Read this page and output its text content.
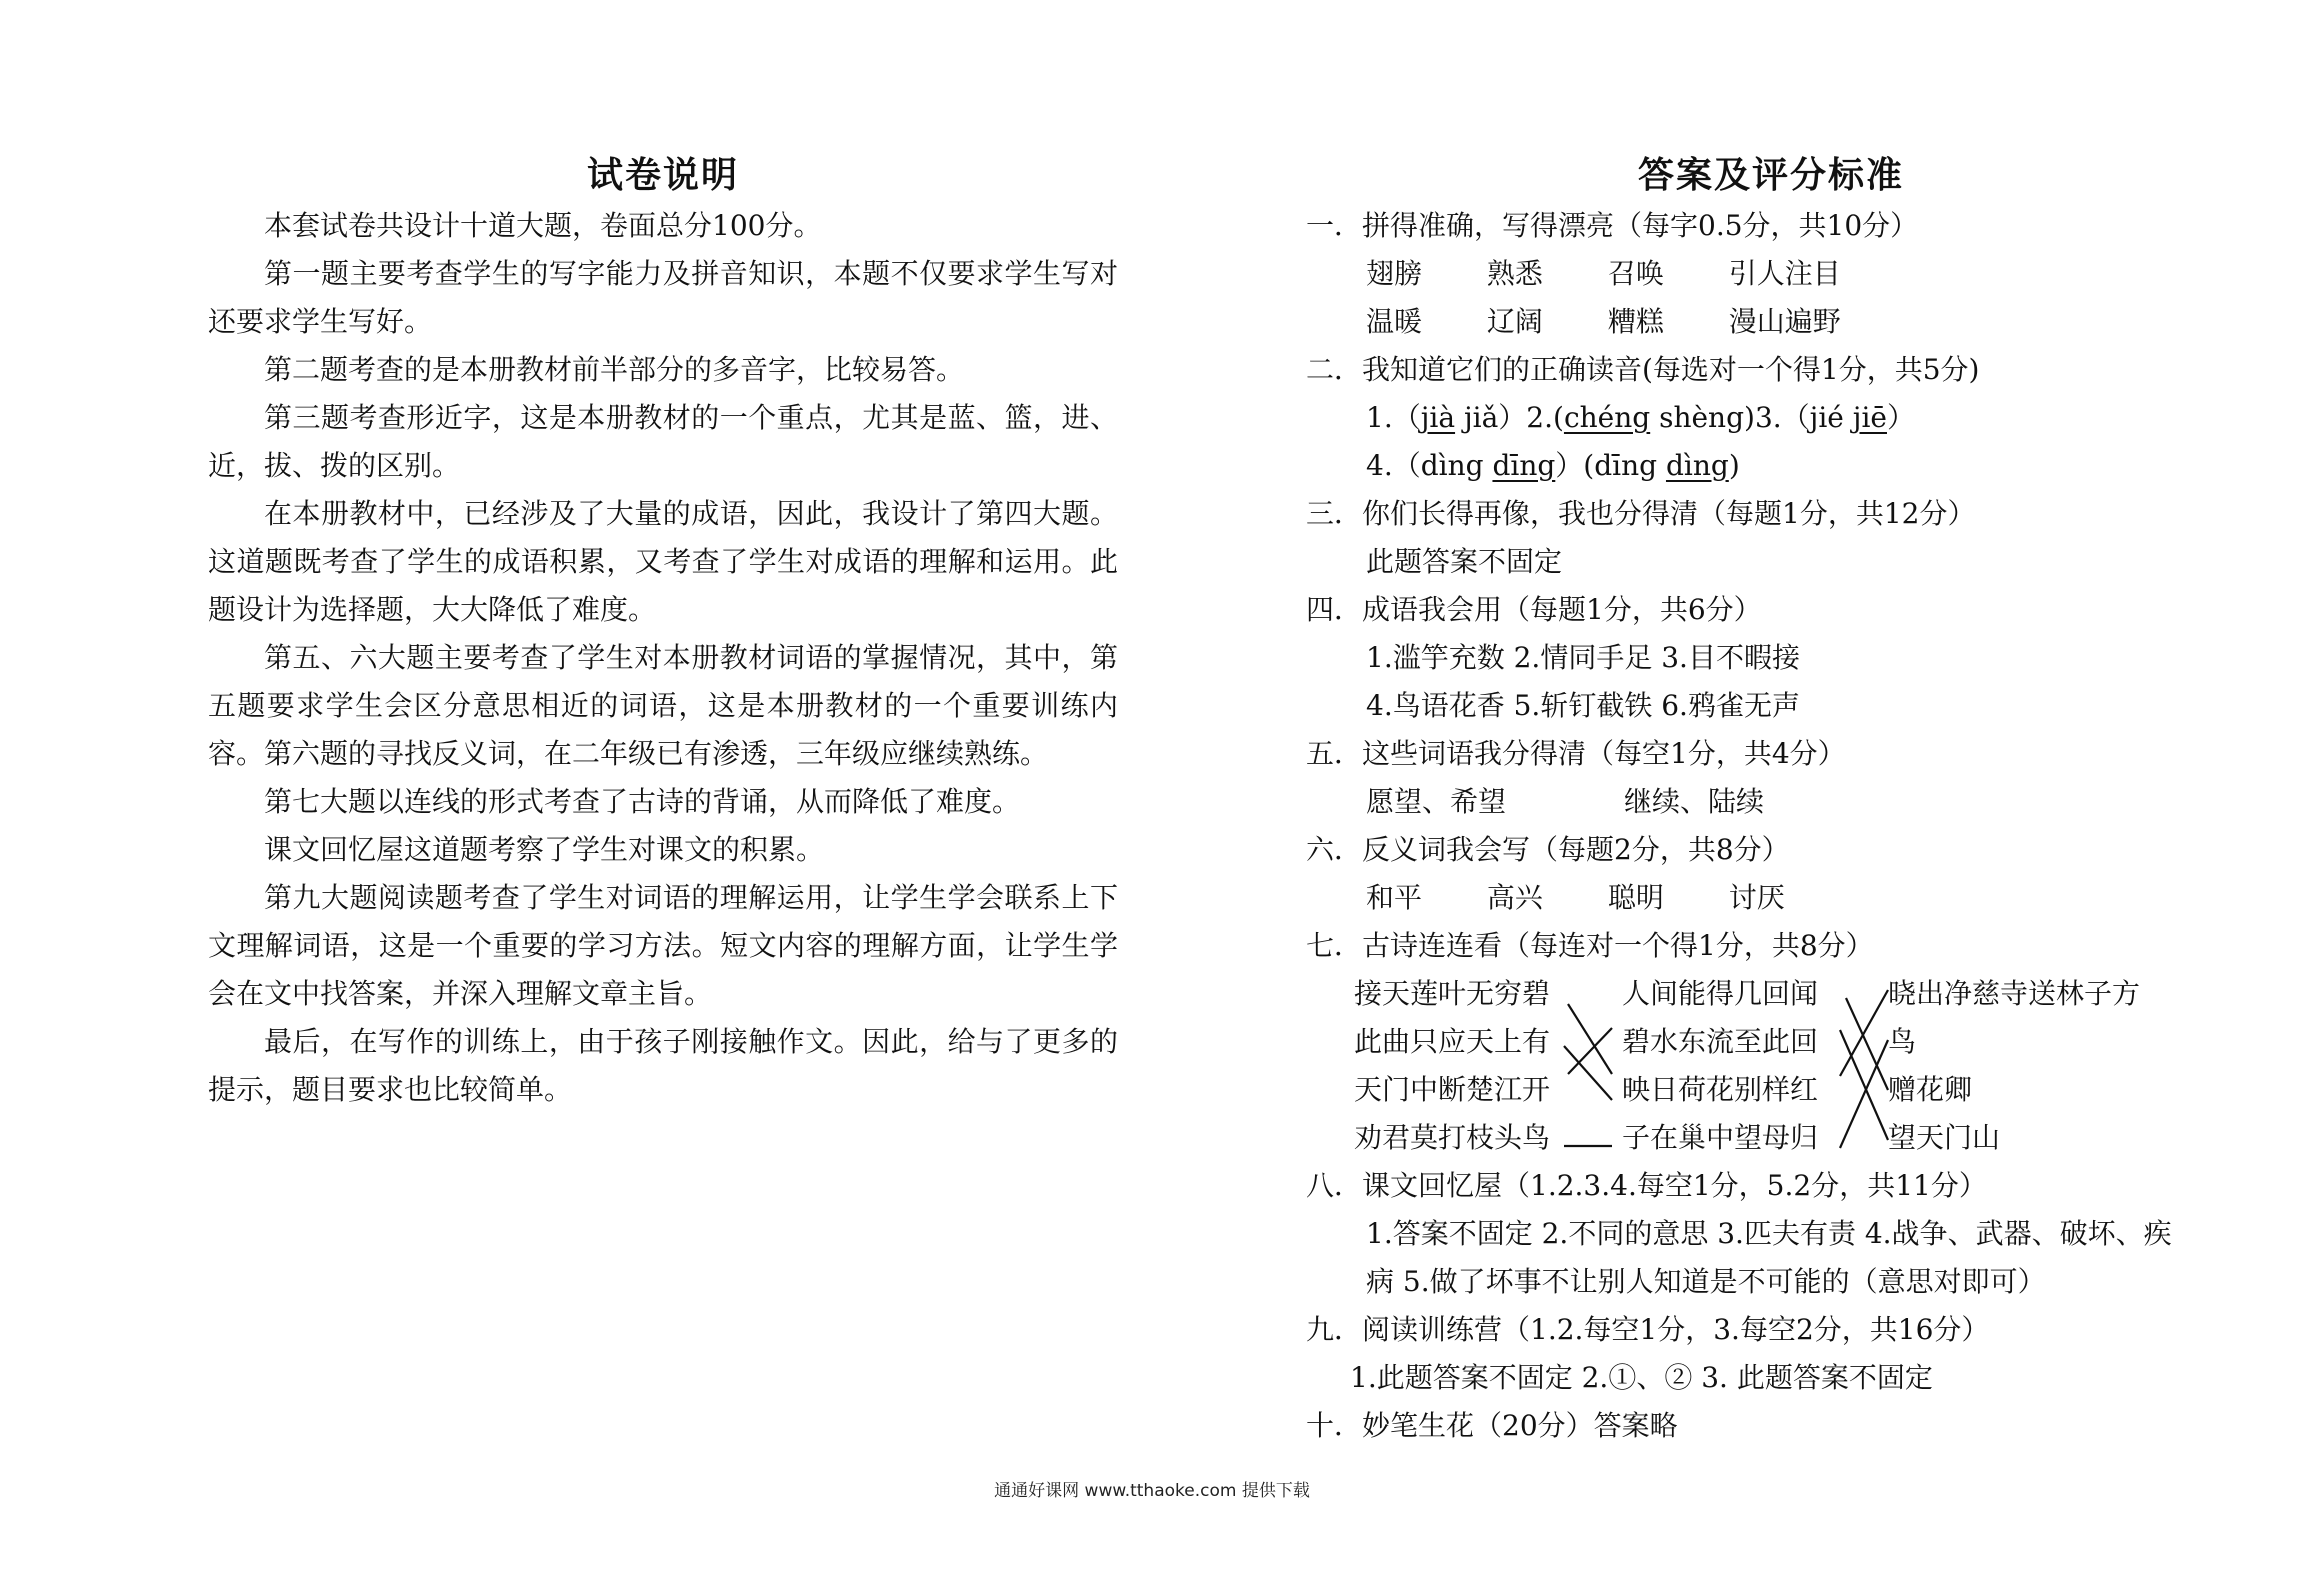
试卷说明

本套试卷共设计十道大题，卷面总分100分。

第一题主要考查学生的写字能力及拼音知识，本题不仅要求学生写对还要求学生写好。

第二题考查的是本册教材前半部分的多音字，比较易答。

第三题考查形近字，这是本册教材的一个重点，尤其是蓝、篮，进、近，拔、拨的区别。

在本册教材中，已经涉及了大量的成语，因此，我设计了第四大题。这道题既考查了学生的成语积累，又考查了学生对成语的理解和运用。此题设计为选择题，大大降低了难度。

第五、六大题主要考查了学生对本册教材词语的掌握情况，其中，第五题要求学生会区分意思相近的词语，这是本册教材的一个重要训练内容。第六题的寻找反义词，在二年级已有渗透，三年级应继续熟练。

第七大题以连线的形式考查了古诗的背诵，从而降低了难度。

课文回忆屋这道题考察了学生对课文的积累。

第九大题阅读题考查了学生对词语的理解运用，让学生学会联系上下文理解词语，这是一个重要的学习方法。短文内容的理解方面，让学生学会在文中找答案，并深入理解文章主旨。

最后，在写作的训练上，由于孩子刚接触作文。因此，给与了更多的提示，题目要求也比较简单。

答案及评分标准

一．拼得准确，写得漂亮（每字0.5分，共10分）

翅膀 熟悉 召唤 引人注目

温暖 辽阔 糟糕 漫山遍野

二．我知道它们的正确读音(每选对一个得1分，共5分)

1.（jià jiǎ）2.(chéng shèng)3.（jié jiē）

4.（dìng dīng）(dīng dìng)

三．你们长得再像，我也分得清（每题1分，共12分）

此题答案不固定

四．成语我会用（每题1分，共6分）

1.滥竽充数 2.情同手足 3.目不暇接

4.鸟语花香 5.斩钉截铁 6.鸦雀无声

五．这些词语我分得清（每空1分，共4分）

愿望、希望	继续、陆续

六．反义词我会写（每题2分，共8分）

和平 高兴 聪明 讨厌

七．古诗连连看（每连对一个得1分，共8分）

接天莲叶无穷碧
此曲只应天上有
天门中断楚江开
劝君莫打枝头鸟
人间能得几回闻
碧水东流至此回
映日荷花别样红
子在巢中望母归
晓出净慈寺送林子方
鸟
赠花卿
望天门山

八．课文回忆屋（1.2.3.4.每空1分，5.2分，共11分）

1.答案不固定 2.不同的意思 3.匹夫有责 4.战争、武器、破坏、疾

病 5.做了坏事不让别人知道是不可能的（意思对即可）

九．阅读训练营（1.2.每空1分，3.每空2分，共16分）

1.此题答案不固定 2.①、② 3. 此题答案不固定

十．妙笔生花（20分）答案略

通通好课网 www.tthaoke.com 提供下载
